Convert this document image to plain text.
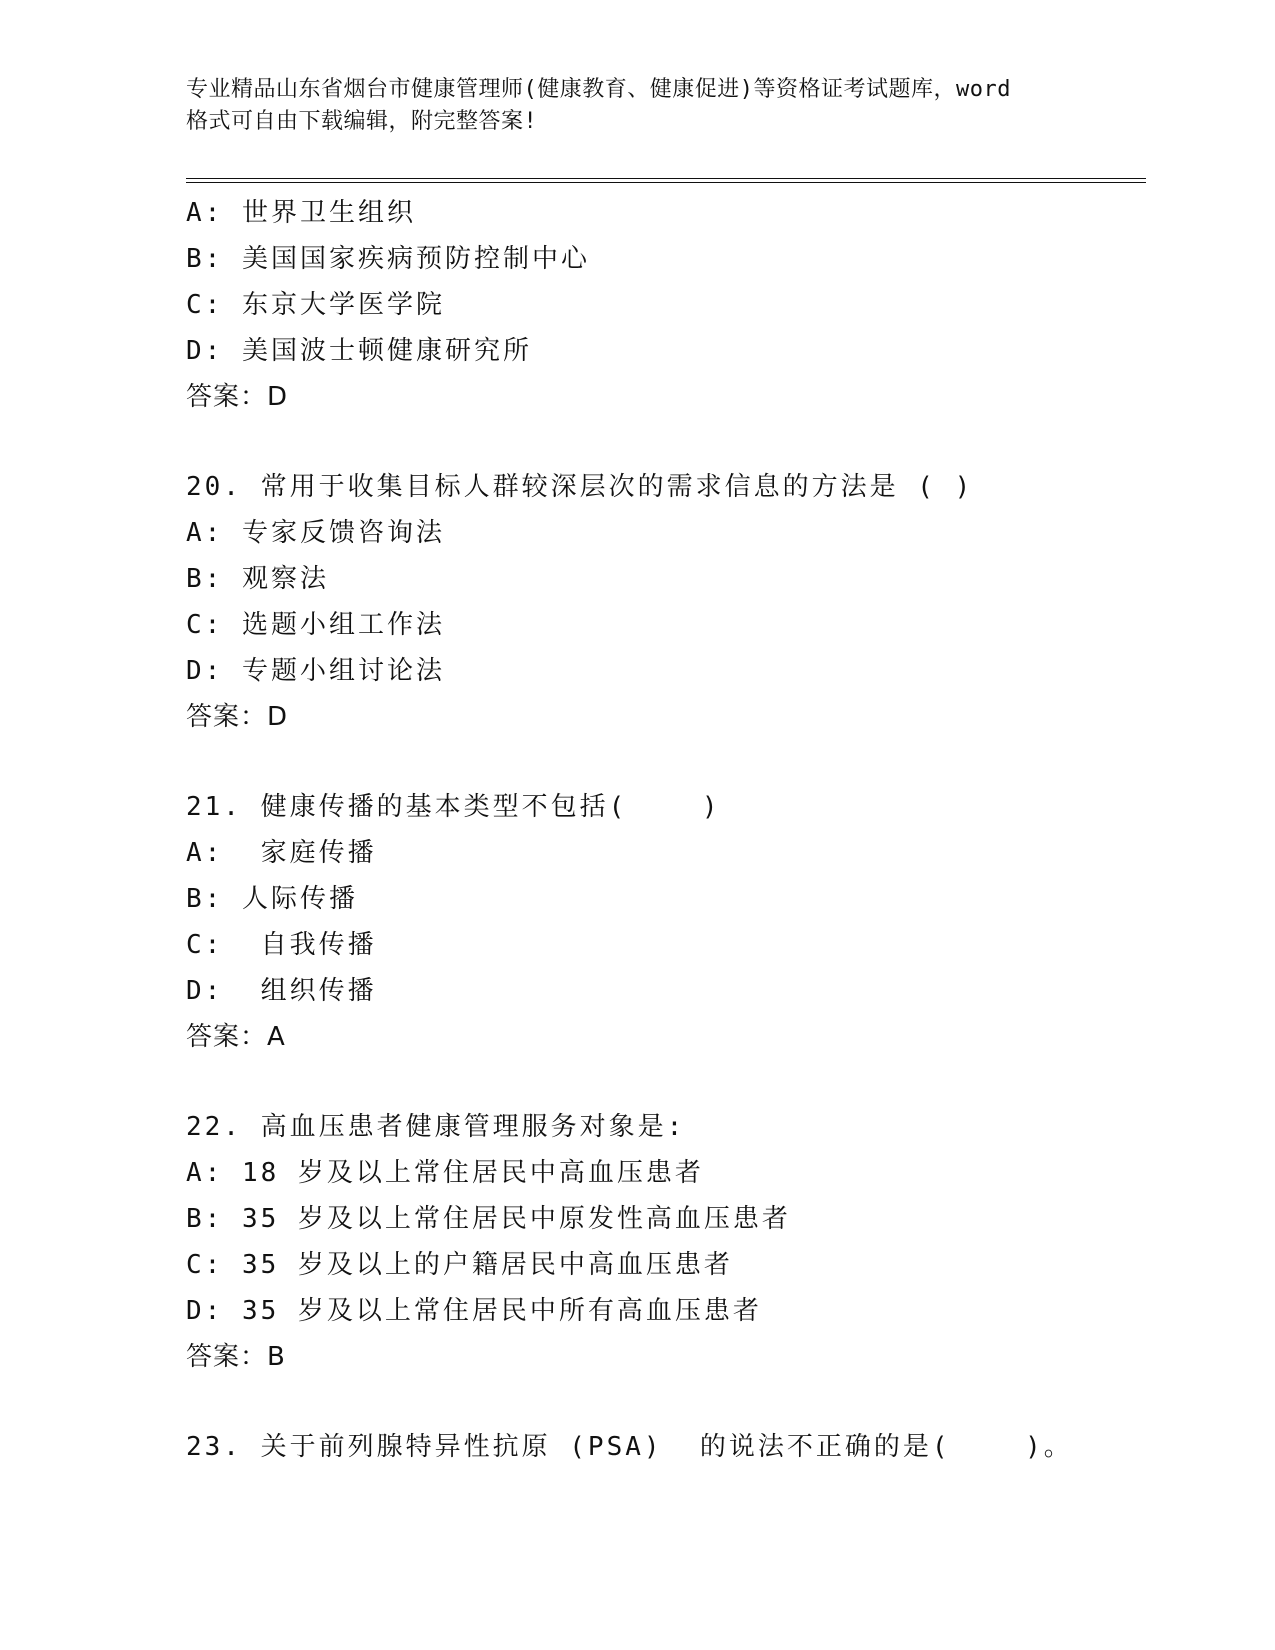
专业精品山东省烟台市健康管理师(健康教育、健康促进)等资格证考试题库，word
格式可自由下载编辑，附完整答案!
A: 世界卫生组织
B: 美国国家疾病预防控制中心
C: 东京大学医学院
D: 美国波士顿健康研究所
答案：D
20. 常用于收集目标人群较深层次的需求信息的方法是 ( )
A: 专家反馈咨询法
B: 观察法
C: 选题小组工作法
D: 专题小组讨论法
答案：D
21. 健康传播的基本类型不包括(    )
A:  家庭传播
B: 人际传播
C:  自我传播
D:  组织传播
答案：A
22. 高血压患者健康管理服务对象是:
A: 18 岁及以上常住居民中高血压患者
B: 35 岁及以上常住居民中原发性高血压患者
C: 35 岁及以上的户籍居民中高血压患者
D: 35 岁及以上常住居民中所有高血压患者
答案：B
23. 关于前列腺特异性抗原 (PSA)  的说法不正确的是(    )。
